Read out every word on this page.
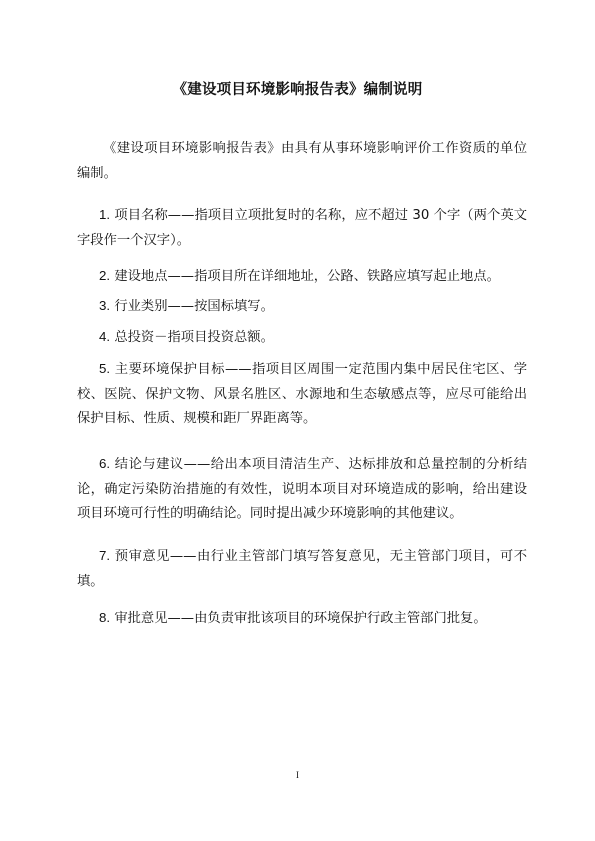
《建设项目环境影响报告表》编制说明

《建设项目环境影响报告表》由具有从事环境影响评价工作资质的单位编制。

1. 项目名称——指项目立项批复时的名称，应不超过 30 个字（两个英文字段作一个汉字）。

2. 建设地点——指项目所在详细地址，公路、铁路应填写起止地点。

3. 行业类别——按国标填写。

4. 总投资－指项目投资总额。

5. 主要环境保护目标——指项目区周围一定范围内集中居民住宅区、学校、医院、保护文物、风景名胜区、水源地和生态敏感点等，应尽可能给出保护目标、性质、规模和距厂界距离等。

6. 结论与建议——给出本项目清洁生产、达标排放和总量控制的分析结论，确定污染防治措施的有效性，说明本项目对环境造成的影响，给出建设项目环境可行性的明确结论。同时提出减少环境影响的其他建议。

7. 预审意见——由行业主管部门填写答复意见，无主管部门项目，可不填。

8. 审批意见——由负责审批该项目的环境保护行政主管部门批复。

I
